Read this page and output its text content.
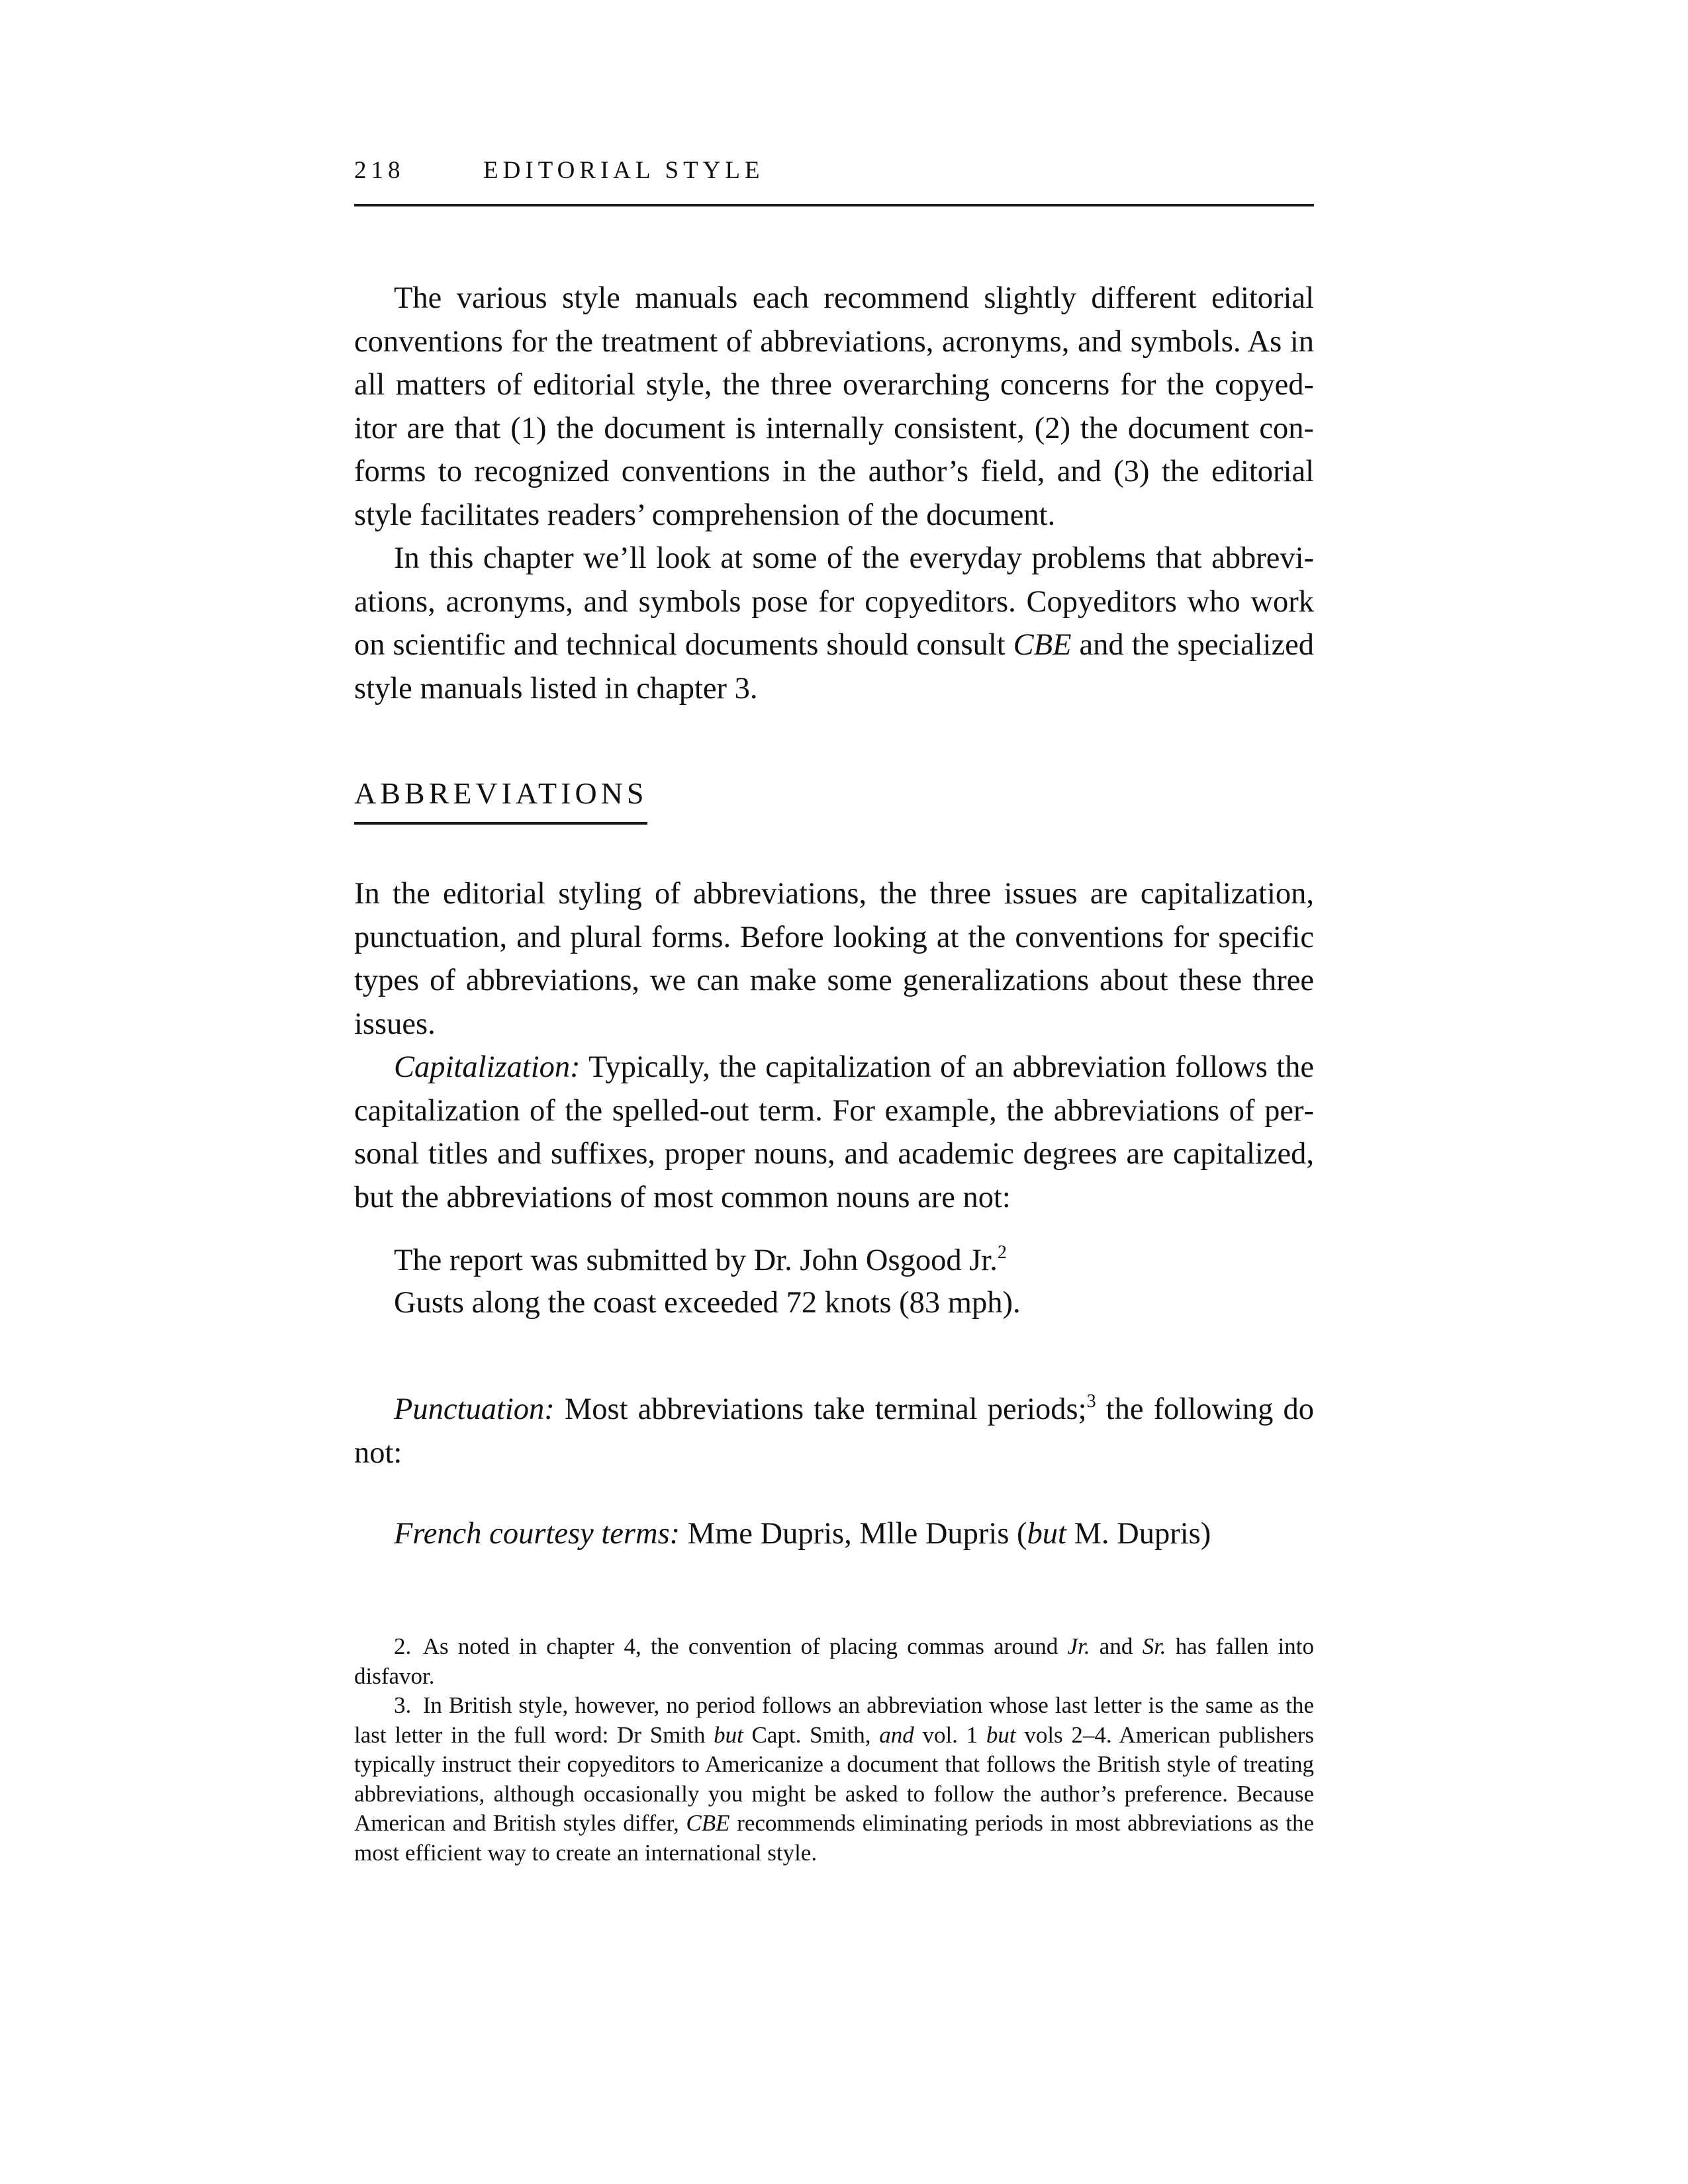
218	EDITORIAL STYLE

The various style manuals each recommend slightly different editorial conventions for the treatment of abbreviations, acronyms, and symbols. As in all matters of editorial style, the three overarching concerns for the copyeditor are that (1) the document is internally consistent, (2) the document conforms to recognized conventions in the author’s field, and (3) the editorial style facilitates readers’ comprehension of the document.

In this chapter we’ll look at some of the everyday problems that abbreviations, acronyms, and symbols pose for copyeditors. Copyeditors who work on scientific and technical documents should consult CBE and the specialized style manuals listed in chapter 3.

ABBREVIATIONS

In the editorial styling of abbreviations, the three issues are capitalization, punctuation, and plural forms. Before looking at the conventions for specific types of abbreviations, we can make some generalizations about these three issues.

Capitalization: Typically, the capitalization of an abbreviation follows the capitalization of the spelled-out term. For example, the abbreviations of personal titles and suffixes, proper nouns, and academic degrees are capitalized, but the abbreviations of most common nouns are not:

The report was submitted by Dr. John Osgood Jr.$^2$
Gusts along the coast exceeded 72 knots (83 mph).

Punctuation: Most abbreviations take terminal periods;$^3$ the following do not:

French courtesy terms: Mme Dupris, Mlle Dupris (but M. Dupris)

2. As noted in chapter 4, the convention of placing commas around Jr. and Sr. has fallen into disfavor.

3. In British style, however, no period follows an abbreviation whose last letter is the same as the last letter in the full word: Dr Smith but Capt. Smith, and vol. 1 but vols 2–4. American publishers typically instruct their copyeditors to Americanize a document that follows the British style of treating abbreviations, although occasionally you might be asked to follow the author’s preference. Because American and British styles differ, CBE recommends eliminating periods in most abbreviations as the most efficient way to create an international style.
